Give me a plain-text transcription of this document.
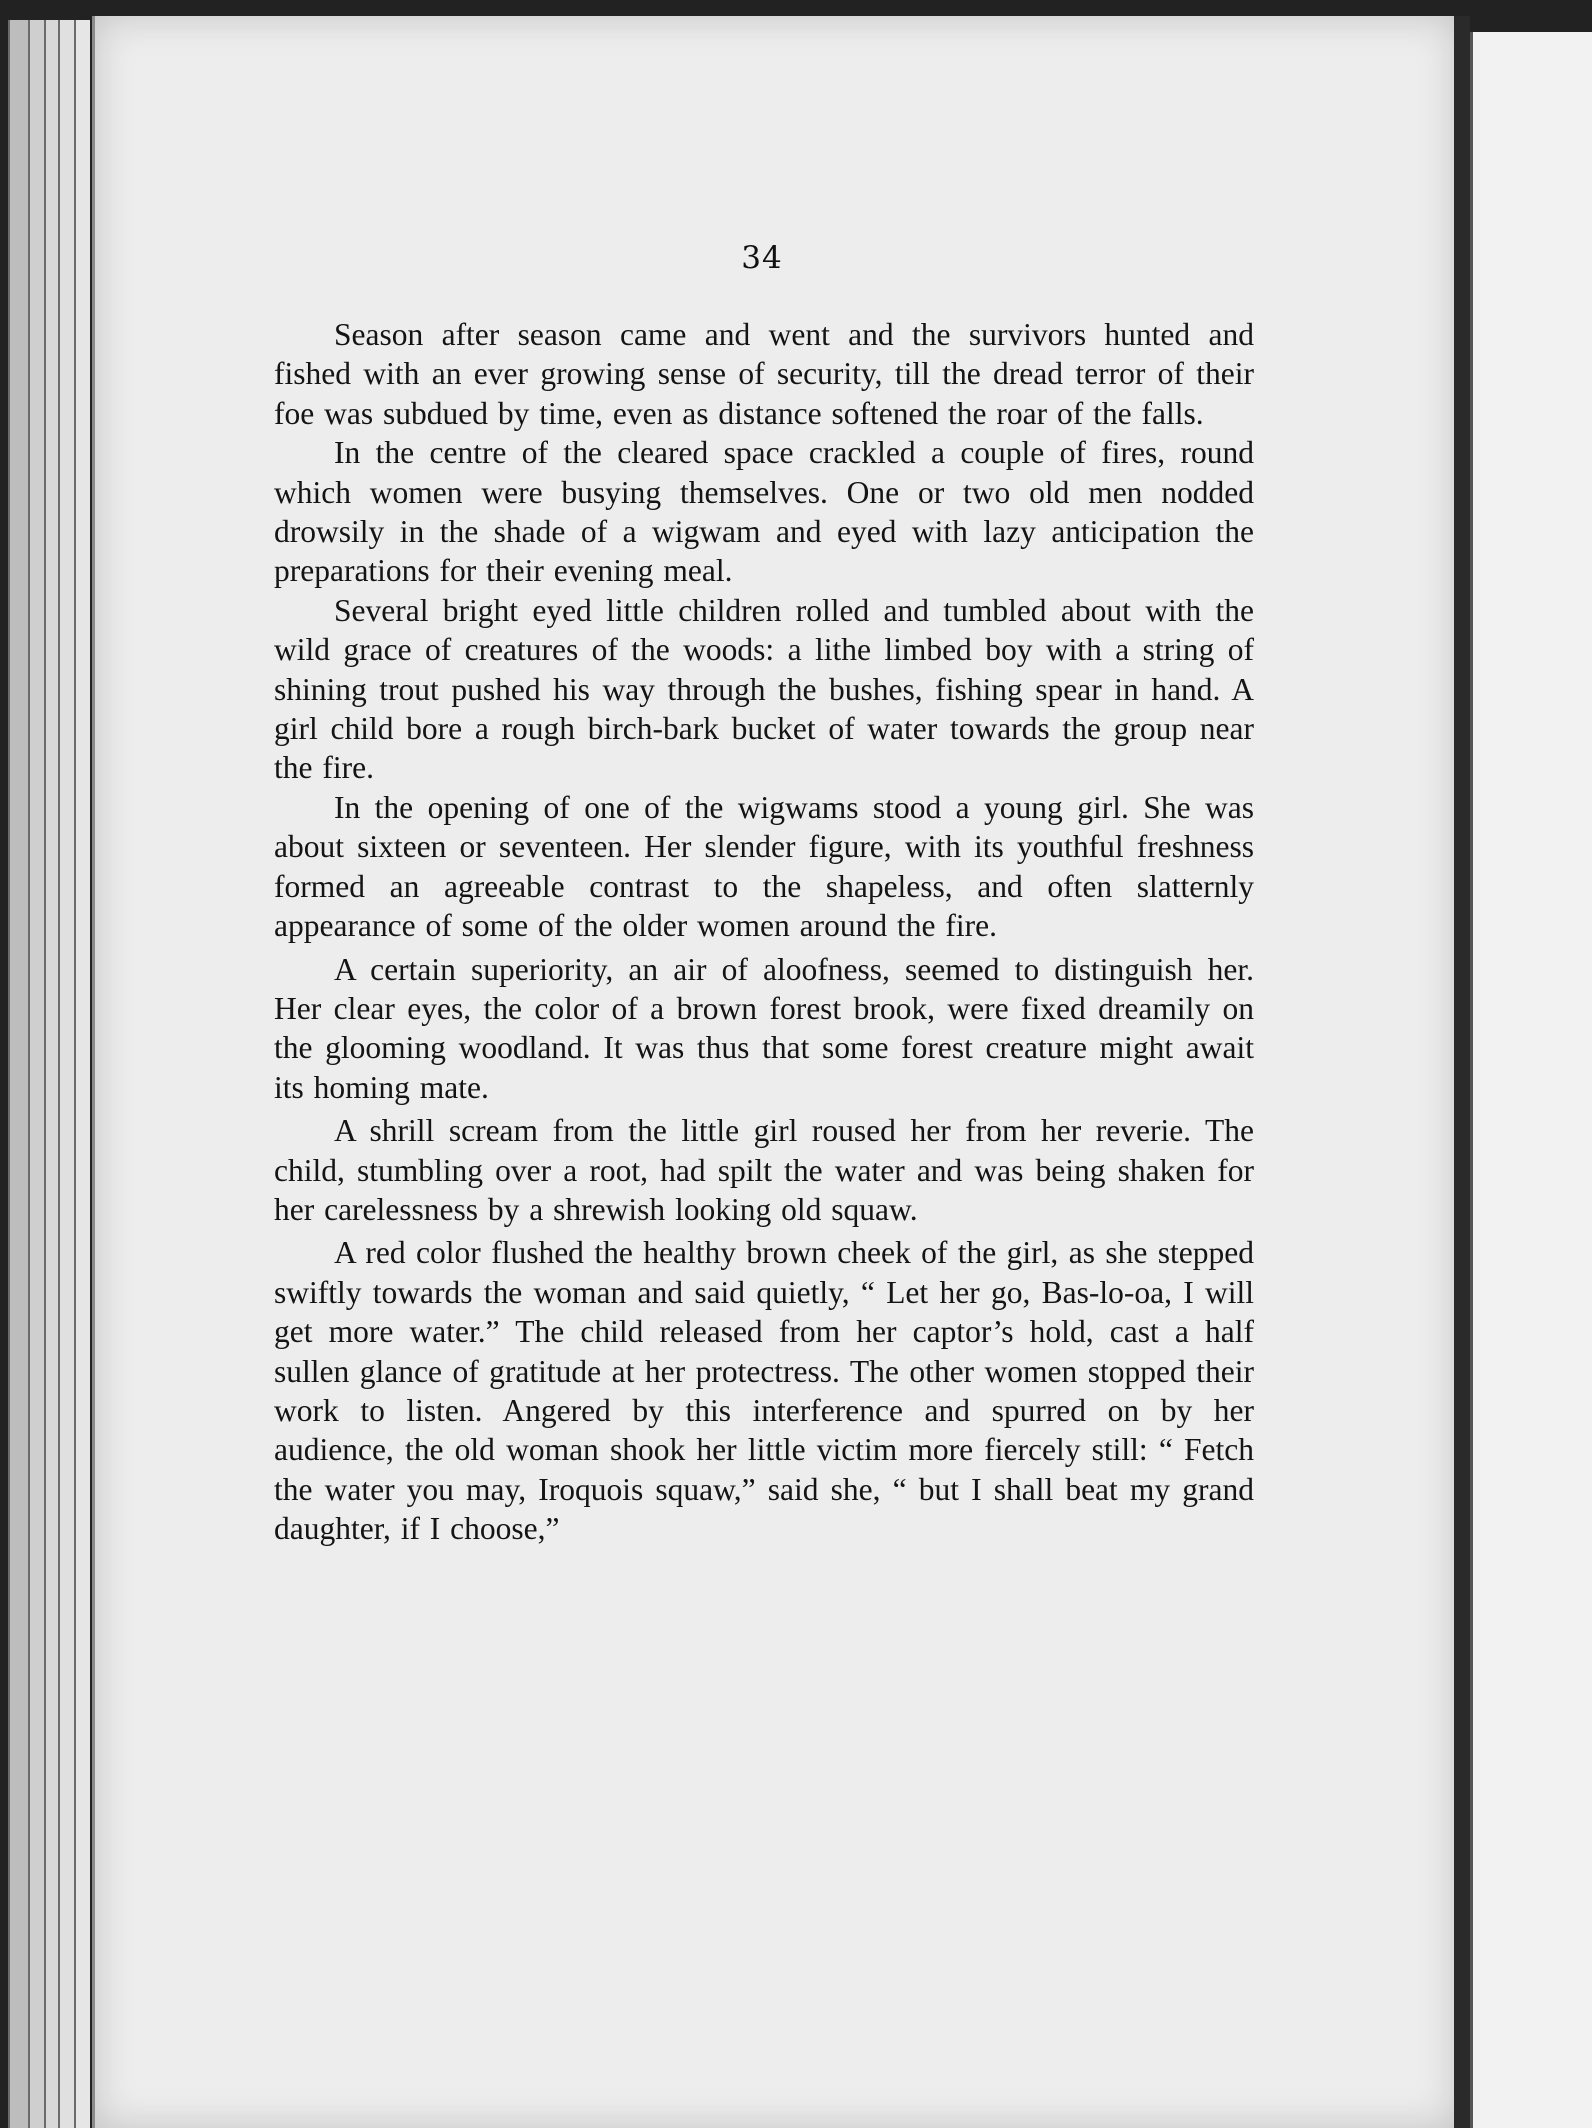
34

Season after season came and went and the survivors hunted and fished with an ever growing sense of security, till the dread terror of their foe was subdued by time, even as distance softened the roar of the falls.

In the centre of the cleared space crackled a couple of fires, round which women were busying themselves. One or two old men nodded drowsily in the shade of a wigwam and eyed with lazy anticipation the preparations for their evening meal.

Several bright eyed little children rolled and tumbled about with the wild grace of creatures of the woods: a lithe limbed boy with a string of shining trout pushed his way through the bushes, fishing spear in hand. A girl child bore a rough birch-bark bucket of water towards the group near the fire.

In the opening of one of the wigwams stood a young girl. She was about sixteen or seventeen. Her slender figure, with its youthful freshness formed an agreeable contrast to the shapeless, and often slatternly appearance of some of the older women around the fire.

A certain superiority, an air of aloofness, seemed to distinguish her. Her clear eyes, the color of a brown forest brook, were fixed dreamily on the glooming woodland. It was thus that some forest creature might await its homing mate.

A shrill scream from the little girl roused her from her reverie. The child, stumbling over a root, had spilt the water and was being shaken for her carelessness by a shrewish looking old squaw.

A red color flushed the healthy brown cheek of the girl, as she stepped swiftly towards the woman and said quietly, “ Let her go, Bas-lo-oa, I will get more water.” The child released from her captor’s hold, cast a half sullen glance of gratitude at her protectress. The other women stopped their work to listen. Angered by this interference and spurred on by her audience, the old woman shook her little victim more fiercely still: “ Fetch the water you may, Iroquois squaw,” said she, “ but I shall beat my grand daughter, if I choose,”
